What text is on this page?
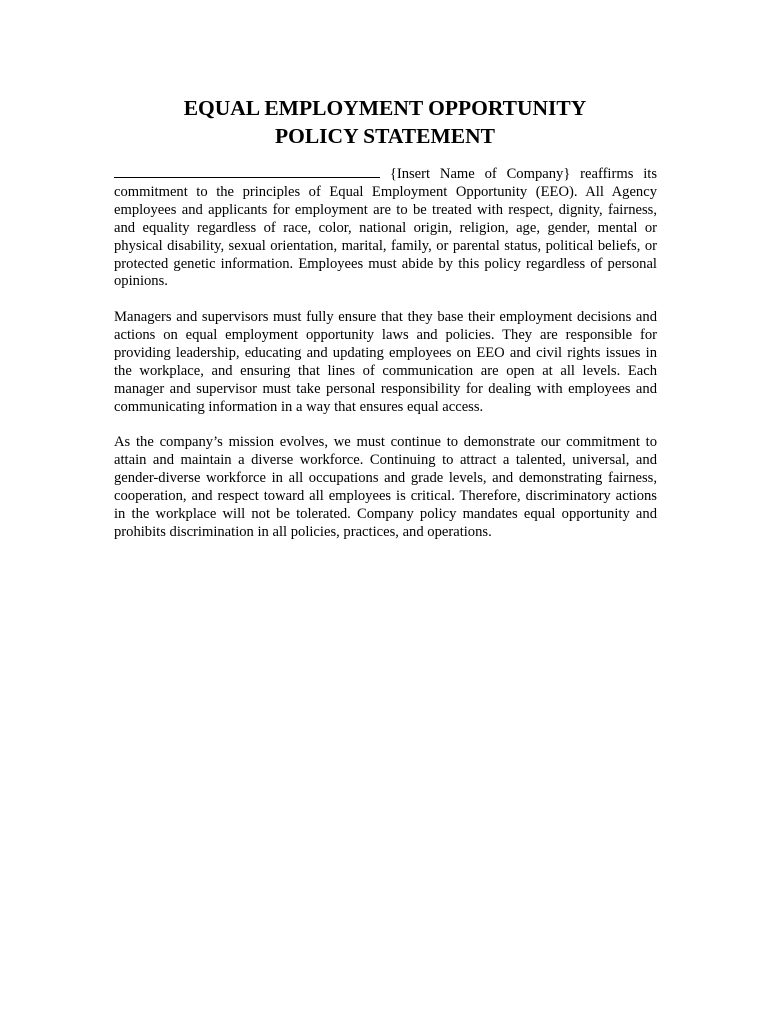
EQUAL EMPLOYMENT OPPORTUNITY
POLICY STATEMENT

{Insert Name of Company} reaffirms its commitment to the principles of Equal Employment Opportunity (EEO). All Agency employees and applicants for employment are to be treated with respect, dignity, fairness, and equality regardless of race, color, national origin, religion, age, gender, mental or physical disability, sexual orientation, marital, family, or parental status, political beliefs, or protected genetic information. Employees must abide by this policy regardless of personal opinions.

Managers and supervisors must fully ensure that they base their employment decisions and actions on equal employment opportunity laws and policies. They are responsible for providing leadership, educating and updating employees on EEO and civil rights issues in the workplace, and ensuring that lines of communication are open at all levels. Each manager and supervisor must take personal responsibility for dealing with employees and communicating information in a way that ensures equal access.

As the company’s mission evolves, we must continue to demonstrate our commitment to attain and maintain a diverse workforce. Continuing to attract a talented, universal, and gender-diverse workforce in all occupations and grade levels, and demonstrating fairness, cooperation, and respect toward all employees is critical. Therefore, discriminatory actions in the workplace will not be tolerated. Company policy mandates equal opportunity and prohibits discrimination in all policies, practices, and operations.
